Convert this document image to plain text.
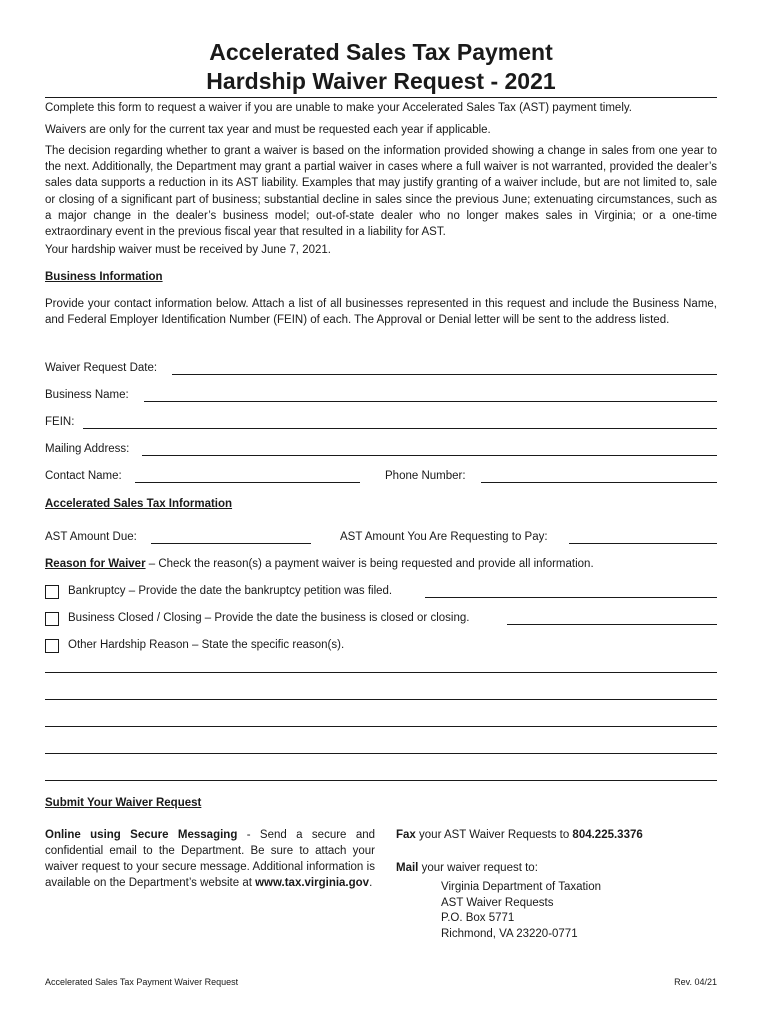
Accelerated Sales Tax Payment
Hardship Waiver Request - 2021

Complete this form to request a waiver if you are unable to make your Accelerated Sales Tax (AST) payment timely.

Waivers are only for the current tax year and must be requested each year if applicable.

The decision regarding whether to grant a waiver is based on the information provided showing a change in sales from one year to the next. Additionally, the Department may grant a partial waiver in cases where a full waiver is not warranted, provided the dealer’s sales data supports a reduction in its AST liability. Examples that may justify granting of a waiver include, but are not limited to, sale or closing of a significant part of business; substantial decline in sales since the previous June; extenuating circumstances, such as a major change in the dealer’s business model; out-of-state dealer who no longer makes sales in Virginia; or a one-time extraordinary event in the previous fiscal year that resulted in a liability for AST.

Your hardship waiver must be received by June 7, 2021.

Business Information

Provide your contact information below. Attach a list of all businesses represented in this request and include the Business Name, and Federal Employer Identification Number (FEIN) of each. The Approval or Denial letter will be sent to the address listed.

Waiver Request Date:
Business Name:
FEIN:
Mailing Address:
Contact Name:	Phone Number:
Accelerated Sales Tax Information
AST Amount Due:	AST Amount You Are Requesting to Pay:
Reason for Waiver – Check the reason(s) a payment waiver is being requested and provide all information.
Bankruptcy – Provide the date the bankruptcy petition was filed.
Business Closed / Closing – Provide the date the business is closed or closing.
Other Hardship Reason – State the specific reason(s).
Submit Your Waiver Request
Online using Secure Messaging - Send a secure and confidential email to the Department. Be sure to attach your waiver request to your secure message. Additional information is available on the Department’s website at www.tax.virginia.gov.
Fax your AST Waiver Requests to 804.225.3376
Mail your waiver request to:
Virginia Department of Taxation
AST Waiver Requests
P.O. Box 5771
Richmond, VA 23220-0771
Accelerated Sales Tax Payment Waiver Request	Rev. 04/21
